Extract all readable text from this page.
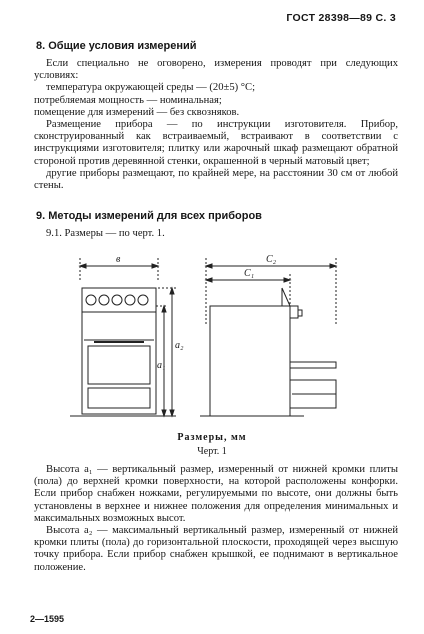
ГОСТ 28398—89 С. 3
8. Общие условия измерений

Если специально не оговорено, измерения проводят при следующих условиях:

температура окружающей среды — (20±5) °С;

потребляемая мощность — номинальная;

помещение для измерений — без сквозняков.

Размещение прибора — по инструкции изготовителя. Прибор, сконструированный как встраиваемый, встраивают в соответствии с инструкциями изготовителя; плитку или жарочный шкаф размещают обратной стороной против деревянной стенки, окрашенной в черный матовый цвет;

другие приборы размещают, по крайней мере, на расстоянии 30 см от любой стены.

9. Методы измерений для всех приборов

9.1. Размеры — по черт. 1.

в	С₂
С₁
a₁
a₂
Размеры, мм
Черт. 1

Высота a₁ — вертикальный размер, измеренный от нижней кромки плиты (пола) до верхней кромки поверхности, на которой расположены конфорки. Если прибор снабжен ножками, регулируемыми по высоте, они должны быть установлены в верхнее и нижнее положения для определения минимальных и максимальных возможных высот.

Высота a₂ — максимальный вертикальный размер, измеренный от нижней кромки плиты (пола) до горизонтальной плоскости, проходящей через высшую точку прибора. Если прибор снабжен крышкой, ее поднимают в вертикальное положение.

2—1595
